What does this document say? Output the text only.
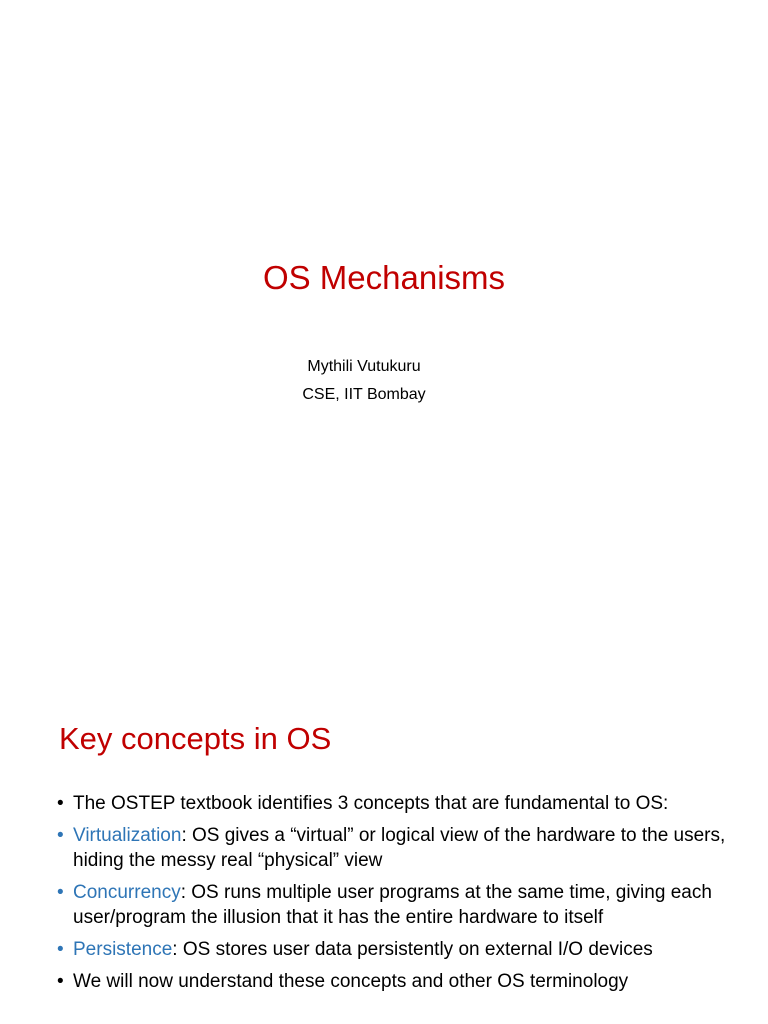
OS Mechanisms
Mythili Vutukuru
CSE, IIT Bombay
Key concepts in OS
• The OSTEP textbook identifies 3 concepts that are fundamental to OS:
• Virtualization: OS gives a “virtual” or logical view of the hardware to the users, hiding the messy real “physical” view
• Concurrency: OS runs multiple user programs at the same time, giving each user/program the illusion that it has the entire hardware to itself
• Persistence: OS stores user data persistently on external I/O devices
• We will now understand these concepts and other OS terminology
